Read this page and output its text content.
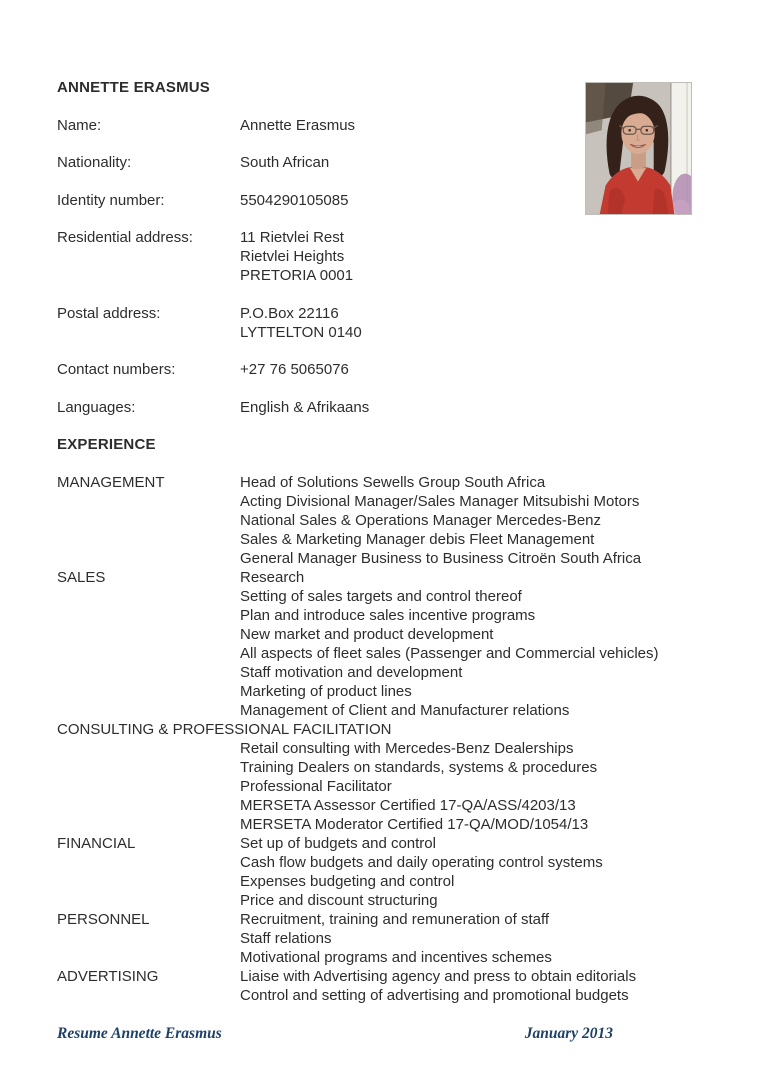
ANNETTE ERASMUS
Name:	Annette Erasmus
Nationality:	South African
Identity number:	5504290105085
Residential address:	11 Rietvlei Rest
Rietvlei Heights
PRETORIA 0001
Postal address:	P.O.Box 22116
LYTTELTON 0140
Contact numbers:	+27 76 5065076
Languages:	English & Afrikaans
EXPERIENCE
MANAGEMENT	Head of Solutions Sewells Group South Africa
Acting Divisional Manager/Sales Manager Mitsubishi Motors
National Sales & Operations Manager Mercedes-Benz
Sales & Marketing Manager debis Fleet Management
General Manager Business to Business Citroën South Africa
SALES	Research
Setting of sales targets and control thereof
Plan and introduce sales incentive programs
New market and product development
All aspects of fleet sales (Passenger and Commercial vehicles)
Staff motivation and development
Marketing of product lines
Management of Client and Manufacturer relations
CONSULTING & PROFESSIONAL FACILITATION
Retail consulting with Mercedes-Benz Dealerships
Training Dealers on standards, systems & procedures
Professional Facilitator
MERSETA Assessor Certified 17-QA/ASS/4203/13
MERSETA Moderator Certified 17-QA/MOD/1054/13
FINANCIAL	Set up of budgets and control
Cash flow budgets and daily operating control systems
Expenses budgeting and control
Price and discount structuring
PERSONNEL	Recruitment, training and remuneration of staff
Staff relations
Motivational programs and incentives schemes
ADVERTISING	Liaise with Advertising agency and press to obtain editorials
Control and setting of advertising and promotional budgets
Resume Annette Erasmus	January 2013
